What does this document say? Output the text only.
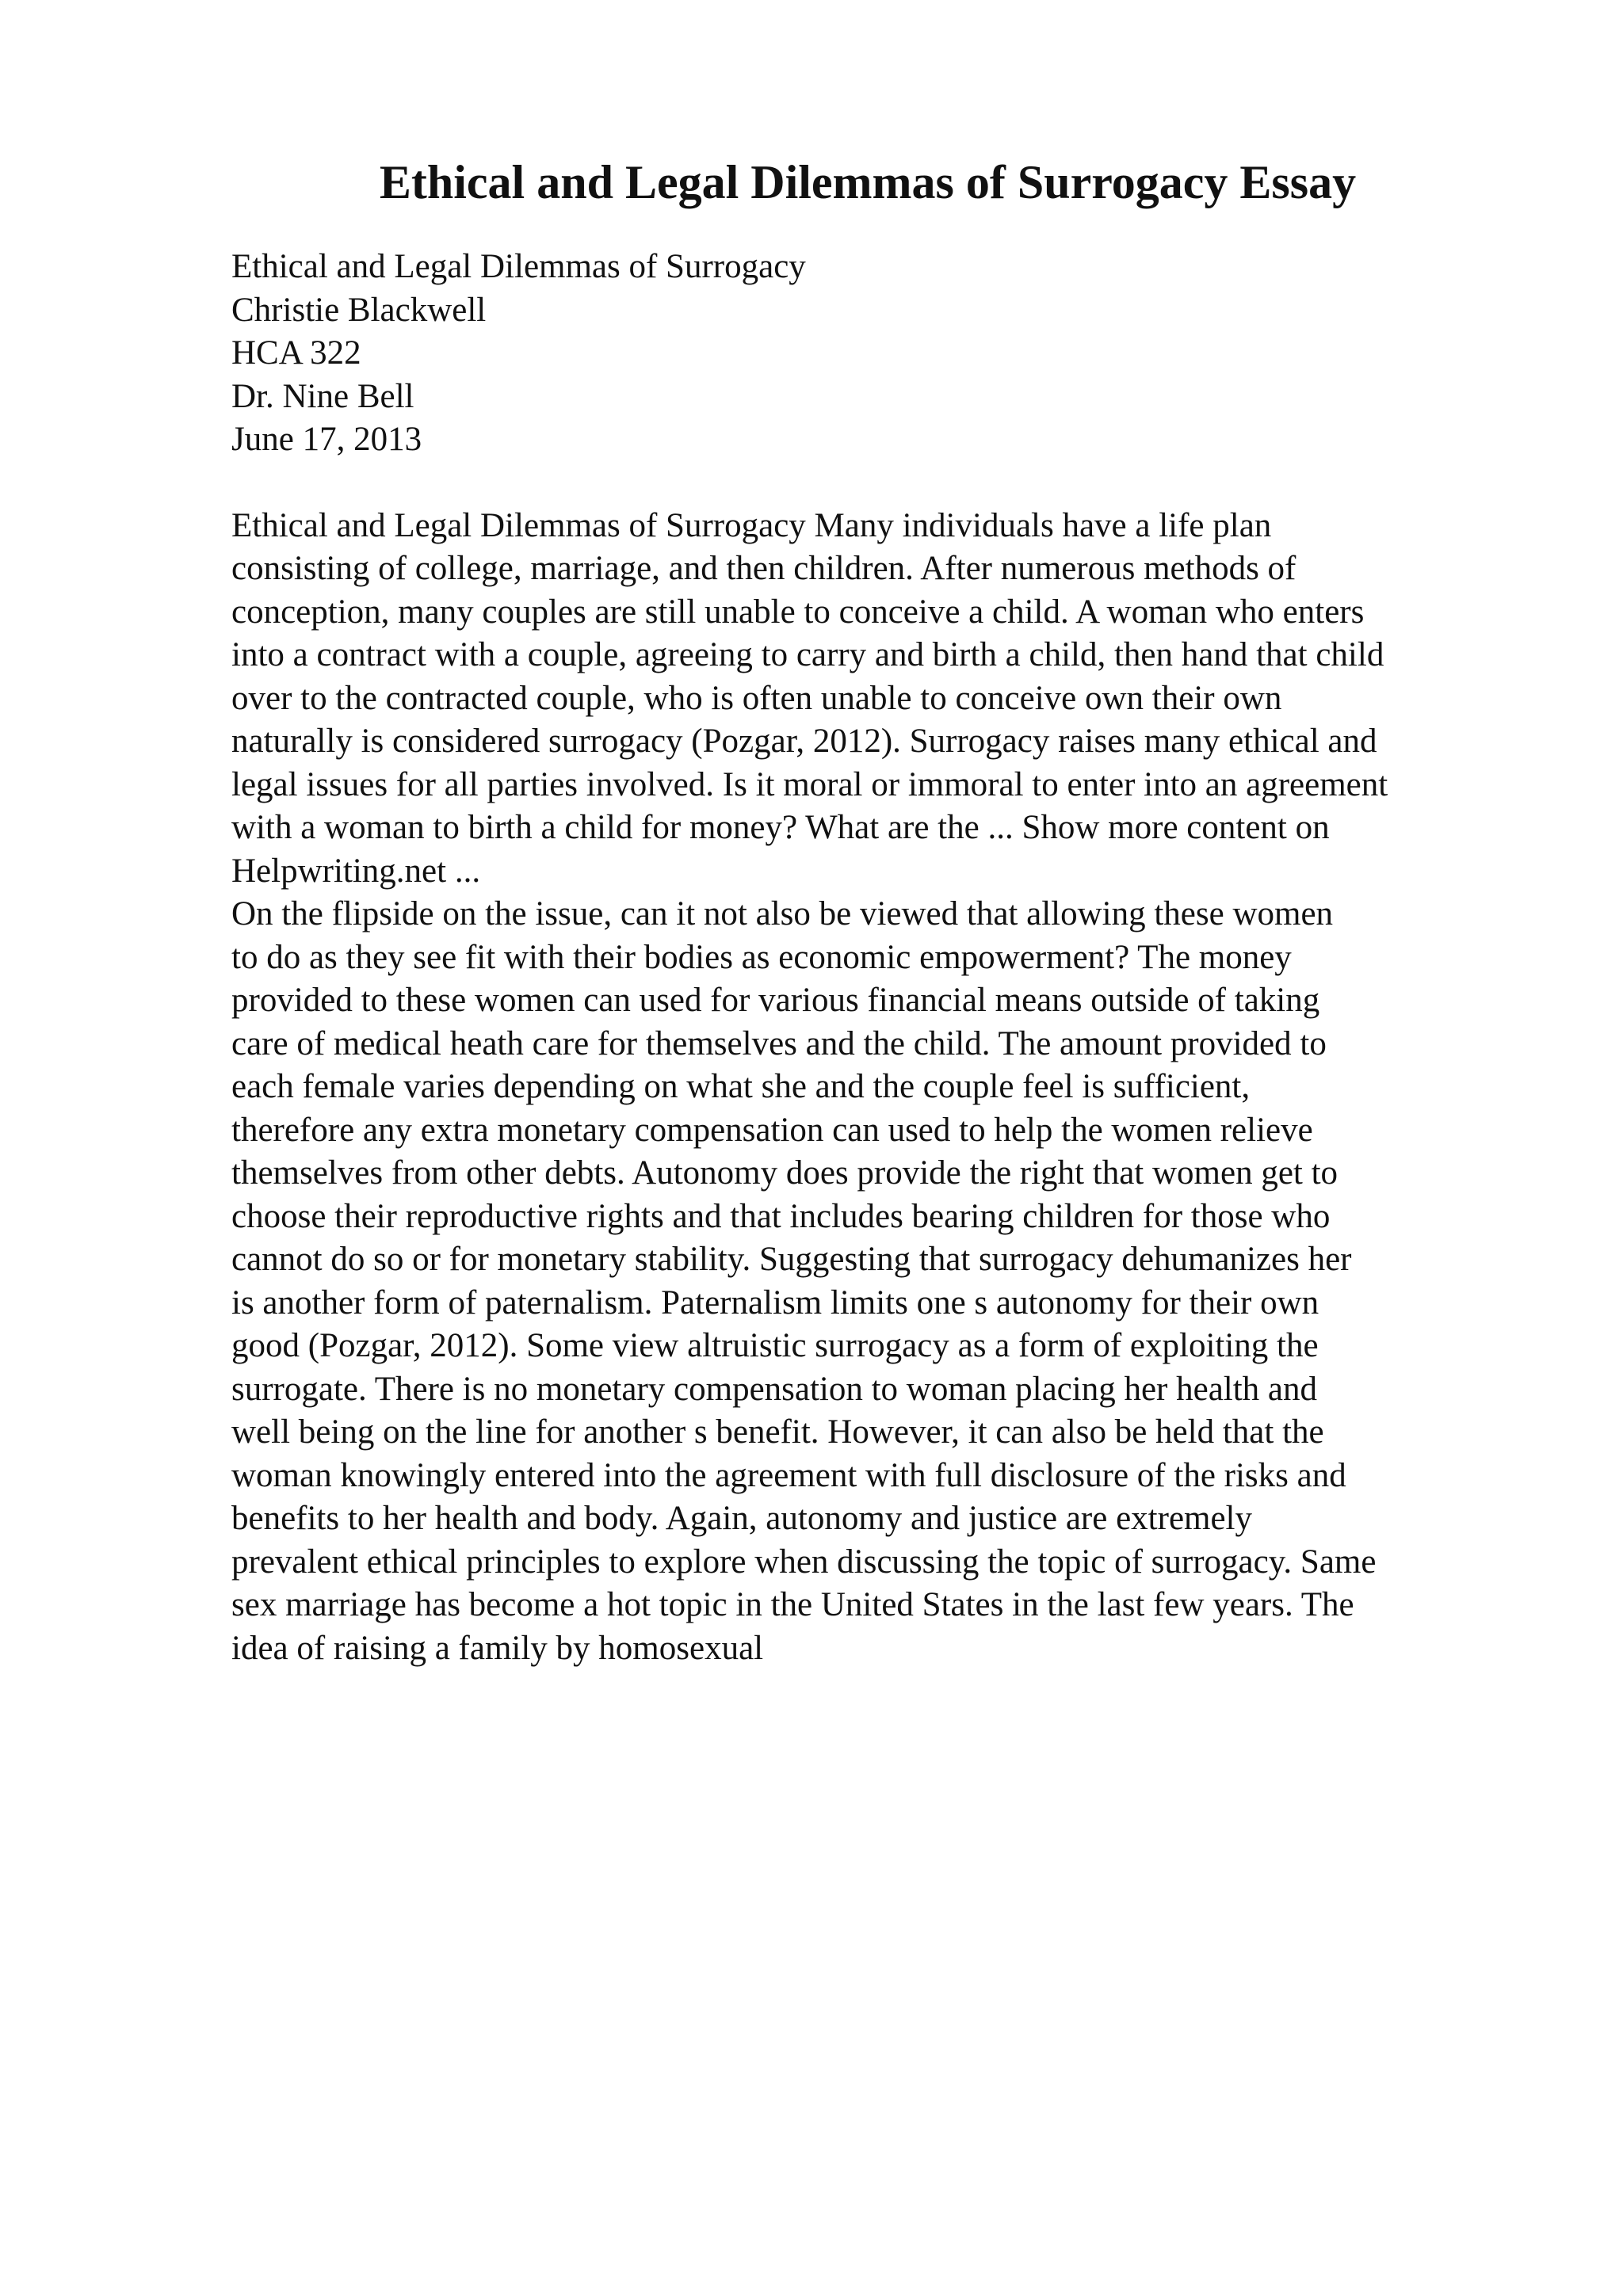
Ethical and Legal Dilemmas of Surrogacy Essay
Ethical and Legal Dilemmas of Surrogacy
Christie Blackwell
HCA 322
Dr. Nine Bell
June 17, 2013

Ethical and Legal Dilemmas of Surrogacy Many individuals have a life plan
consisting of college, marriage, and then children. After numerous methods of
conception, many couples are still unable to conceive a child. A woman who enters
into a contract with a couple, agreeing to carry and birth a child, then hand that child
over to the contracted couple, who is often unable to conceive own their own
naturally is considered surrogacy (Pozgar, 2012). Surrogacy raises many ethical and
legal issues for all parties involved. Is it moral or immoral to enter into an agreement
with a woman to birth a child for money? What are the ... Show more content on
Helpwriting.net ...

On the flipside on the issue, can it not also be viewed that allowing these women
to do as they see fit with their bodies as economic empowerment? The money
provided to these women can used for various financial means outside of taking
care of medical heath care for themselves and the child. The amount provided to
each female varies depending on what she and the couple feel is sufficient,
therefore any extra monetary compensation can used to help the women relieve
themselves from other debts. Autonomy does provide the right that women get to
choose their reproductive rights and that includes bearing children for those who
cannot do so or for monetary stability. Suggesting that surrogacy dehumanizes her
is another form of paternalism. Paternalism limits one s autonomy for their own
good (Pozgar, 2012). Some view altruistic surrogacy as a form of exploiting the
surrogate. There is no monetary compensation to woman placing her health and
well being on the line for another s benefit. However, it can also be held that the
woman knowingly entered into the agreement with full disclosure of the risks and
benefits to her health and body. Again, autonomy and justice are extremely
prevalent ethical principles to explore when discussing the topic of surrogacy. Same
sex marriage has become a hot topic in the United States in the last few years. The
idea of raising a family by homosexual
